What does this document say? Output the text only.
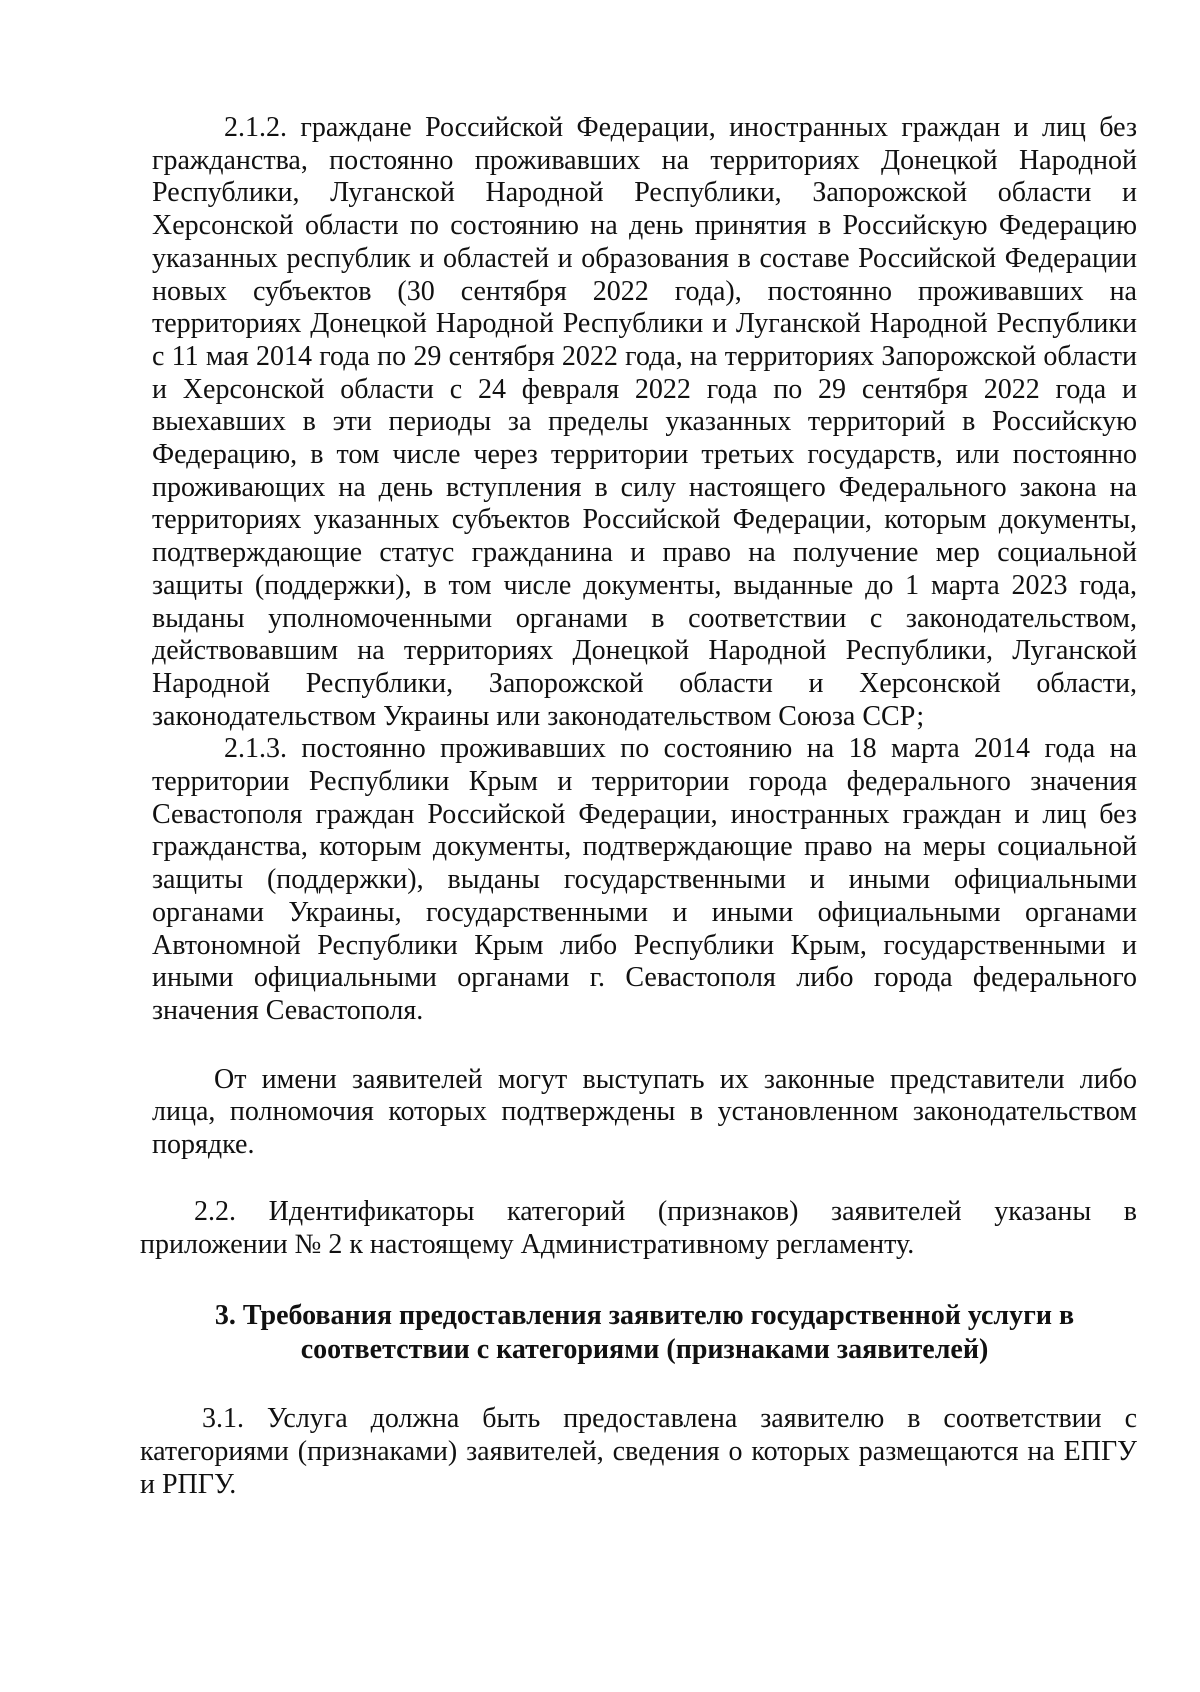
2.1.2. граждане Российской Федерации, иностранных граждан и лиц без гражданства, постоянно проживавших на территориях Донецкой Народной Республики, Луганской Народной Республики, Запорожской области и Херсонской области по состоянию на день принятия в Российскую Федерацию указанных республик и областей и образования в составе Российской Федерации новых субъектов (30 сентября 2022 года), постоянно проживавших на территориях Донецкой Народной Республики и Луганской Народной Республики с 11 мая 2014 года по 29 сентября 2022 года, на территориях Запорожской области и Херсонской области с 24 февраля 2022 года по 29 сентября 2022 года и выехавших в эти периоды за пределы указанных территорий в Российскую Федерацию, в том числе через территории третьих государств, или постоянно проживающих на день вступления в силу настоящего Федерального закона на территориях указанных субъектов Российской Федерации, которым документы, подтверждающие статус гражданина и право на получение мер социальной защиты (поддержки), в том числе документы, выданные до 1 марта 2023 года, выданы уполномоченными органами в соответствии с законодательством, действовавшим на территориях Донецкой Народной Республики, Луганской Народной Республики, Запорожской области и Херсонской области, законодательством Украины или законодательством Союза ССР;

2.1.3. постоянно проживавших по состоянию на 18 марта 2014 года на территории Республики Крым и территории города федерального значения Севастополя граждан Российской Федерации, иностранных граждан и лиц без гражданства, которым документы, подтверждающие право на меры социальной защиты (поддержки), выданы государственными и иными официальными органами Украины, государственными и иными официальными органами Автономной Республики Крым либо Республики Крым, государственными и иными официальными органами г. Севастополя либо города федерального значения Севастополя.

От имени заявителей могут выступать их законные представители либо лица, полномочия которых подтверждены в установленном законодательством порядке.

2.2. Идентификаторы категорий (признаков) заявителей указаны в приложении № 2 к настоящему Административному регламенту.

3. Требования предоставления заявителю государственной услуги в
соответствии с категориями (признаками заявителей)

3.1. Услуга должна быть предоставлена заявителю в соответствии с категориями (признаками) заявителей, сведения о которых размещаются на ЕПГУ и РПГУ.
